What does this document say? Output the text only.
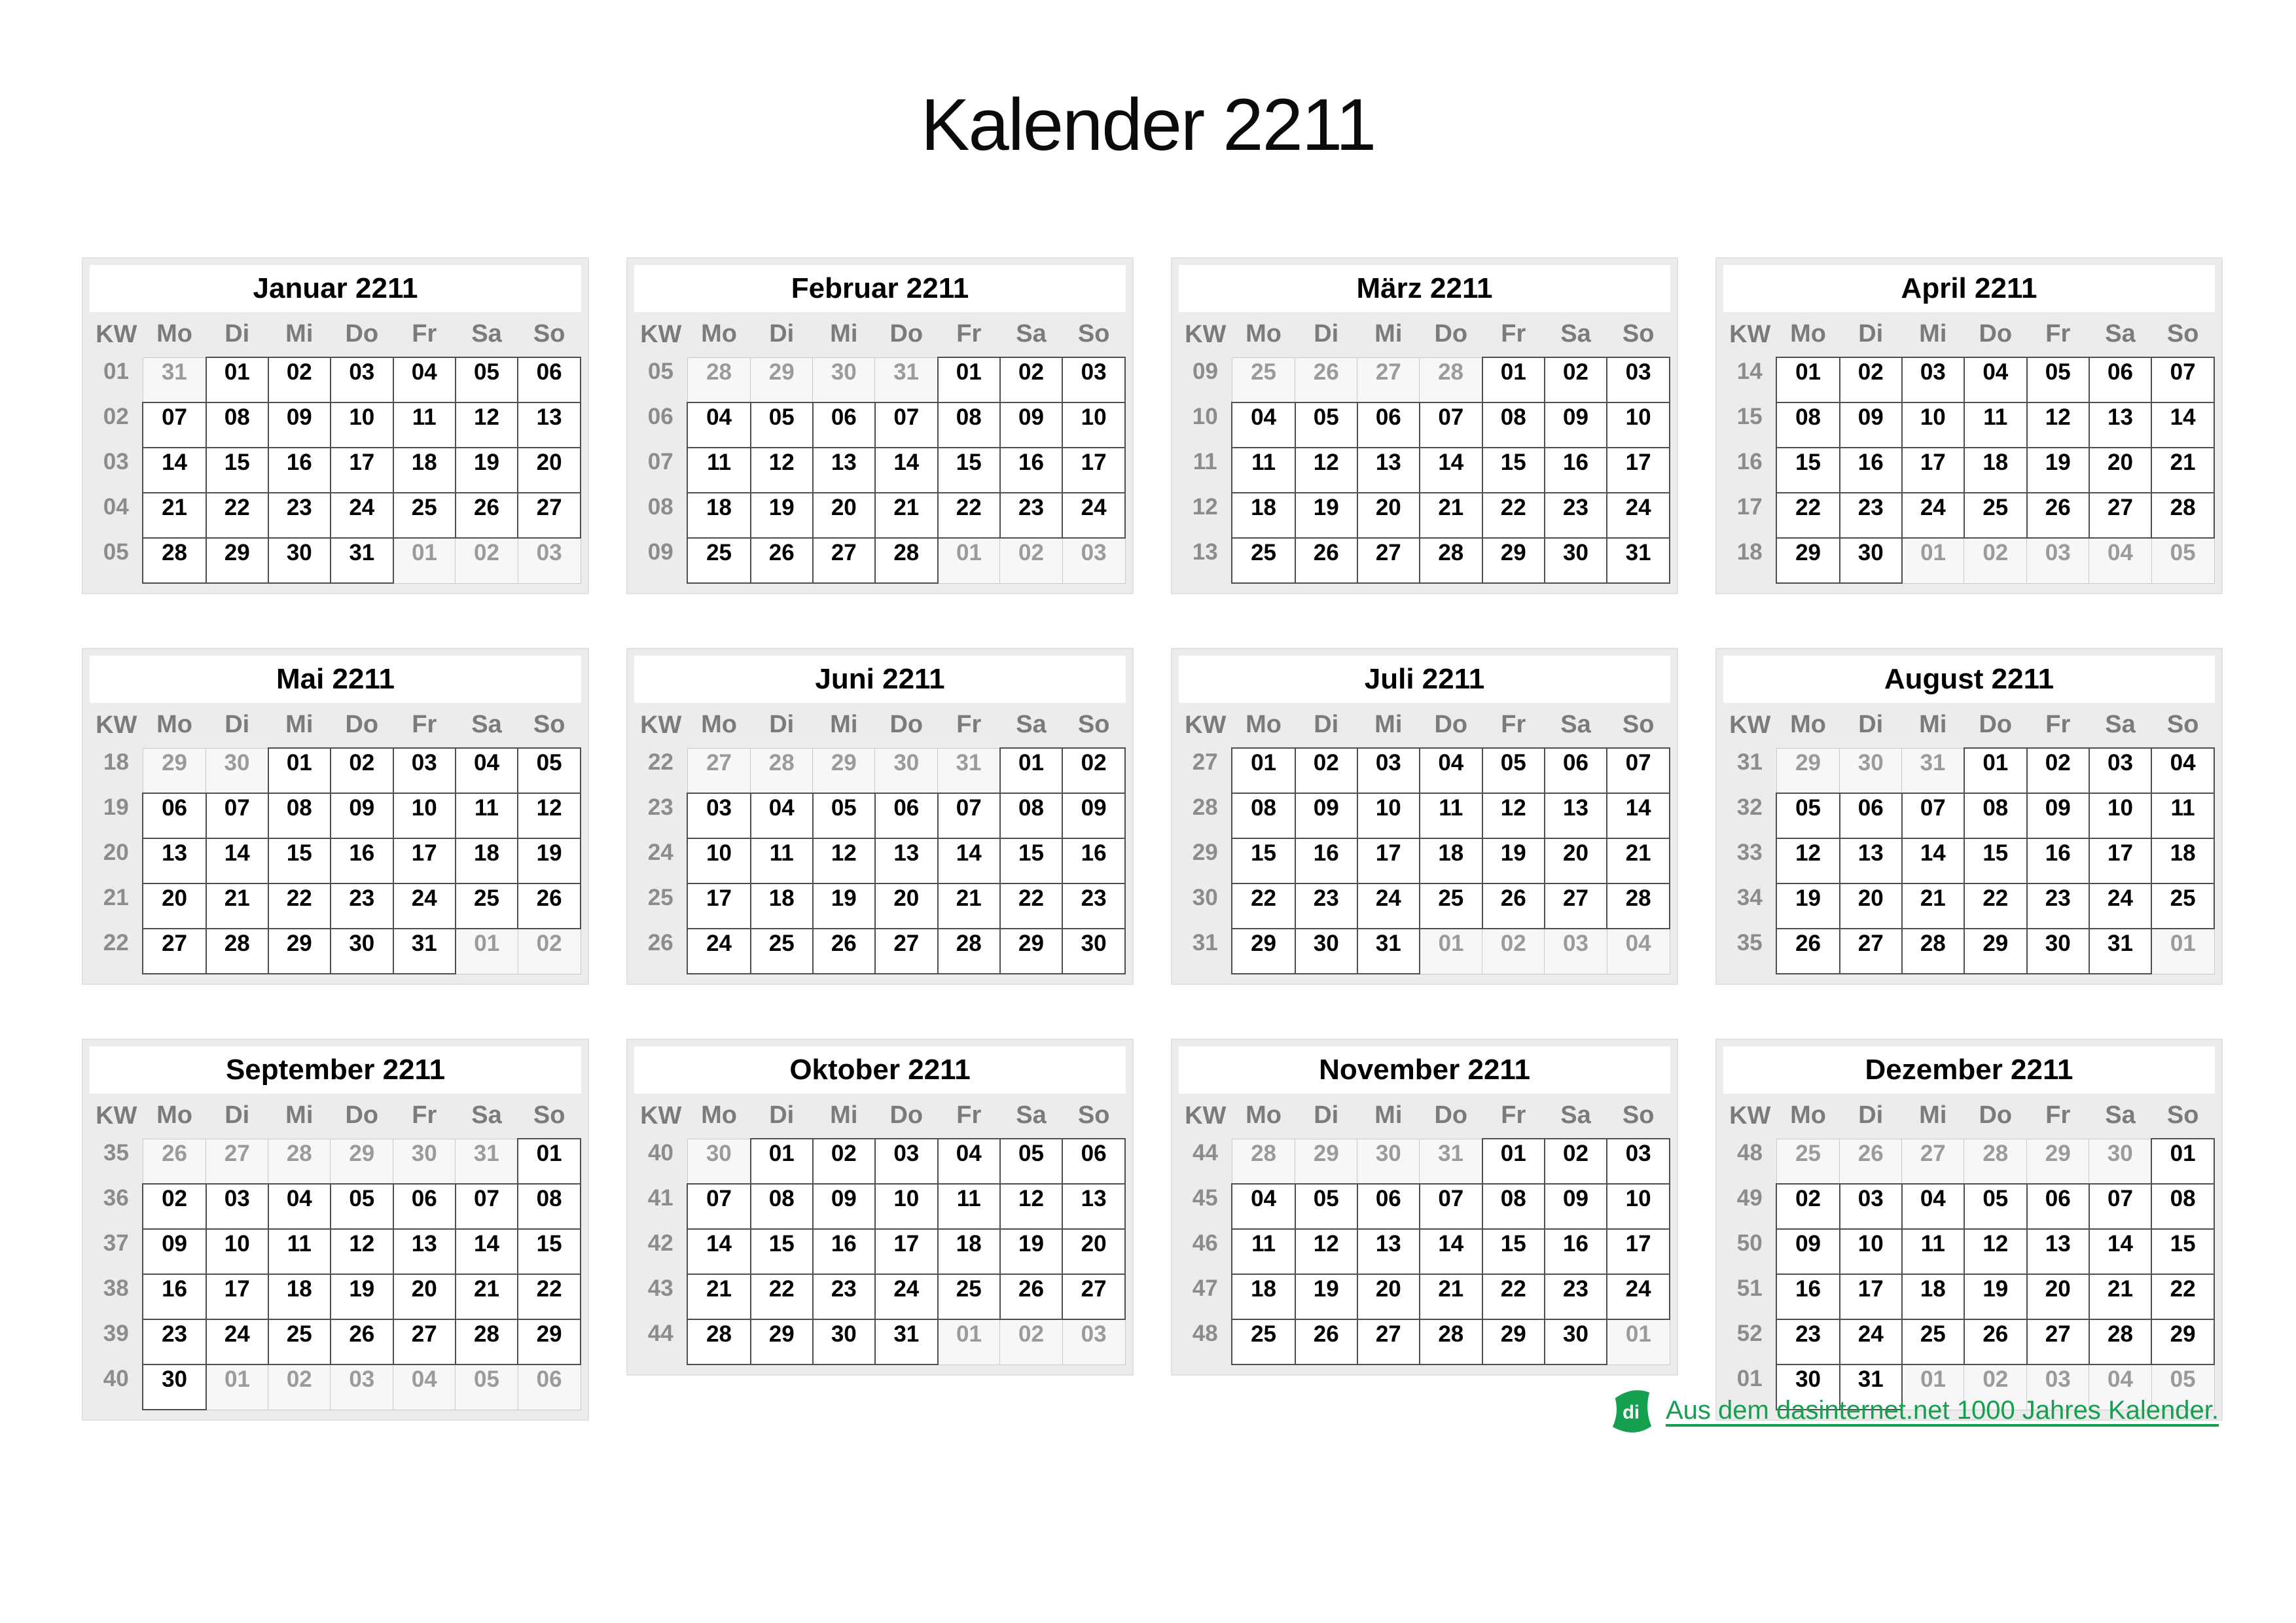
Kalender 2211
Januar 2211
KW	Mo	Di	Mi	Do	Fr	Sa	So
01	31	01	02	03	04	05	06
02	07	08	09	10	11	12	13
03	14	15	16	17	18	19	20
04	21	22	23	24	25	26	27
05	28	29	30	31	01	02	03
Februar 2211
KW	Mo	Di	Mi	Do	Fr	Sa	So
05	28	29	30	31	01	02	03
06	04	05	06	07	08	09	10
07	11	12	13	14	15	16	17
08	18	19	20	21	22	23	24
09	25	26	27	28	01	02	03
März 2211
KW	Mo	Di	Mi	Do	Fr	Sa	So
09	25	26	27	28	01	02	03
10	04	05	06	07	08	09	10
11	11	12	13	14	15	16	17
12	18	19	20	21	22	23	24
13	25	26	27	28	29	30	31
April 2211
KW	Mo	Di	Mi	Do	Fr	Sa	So
14	01	02	03	04	05	06	07
15	08	09	10	11	12	13	14
16	15	16	17	18	19	20	21
17	22	23	24	25	26	27	28
18	29	30	01	02	03	04	05
Mai 2211
KW	Mo	Di	Mi	Do	Fr	Sa	So
18	29	30	01	02	03	04	05
19	06	07	08	09	10	11	12
20	13	14	15	16	17	18	19
21	20	21	22	23	24	25	26
22	27	28	29	30	31	01	02
Juni 2211
KW	Mo	Di	Mi	Do	Fr	Sa	So
22	27	28	29	30	31	01	02
23	03	04	05	06	07	08	09
24	10	11	12	13	14	15	16
25	17	18	19	20	21	22	23
26	24	25	26	27	28	29	30
Juli 2211
KW	Mo	Di	Mi	Do	Fr	Sa	So
27	01	02	03	04	05	06	07
28	08	09	10	11	12	13	14
29	15	16	17	18	19	20	21
30	22	23	24	25	26	27	28
31	29	30	31	01	02	03	04
August 2211
KW	Mo	Di	Mi	Do	Fr	Sa	So
31	29	30	31	01	02	03	04
32	05	06	07	08	09	10	11
33	12	13	14	15	16	17	18
34	19	20	21	22	23	24	25
35	26	27	28	29	30	31	01
September 2211
KW	Mo	Di	Mi	Do	Fr	Sa	So
35	26	27	28	29	30	31	01
36	02	03	04	05	06	07	08
37	09	10	11	12	13	14	15
38	16	17	18	19	20	21	22
39	23	24	25	26	27	28	29
40	30	01	02	03	04	05	06
Oktober 2211
KW	Mo	Di	Mi	Do	Fr	Sa	So
40	30	01	02	03	04	05	06
41	07	08	09	10	11	12	13
42	14	15	16	17	18	19	20
43	21	22	23	24	25	26	27
44	28	29	30	31	01	02	03
November 2211
KW	Mo	Di	Mi	Do	Fr	Sa	So
44	28	29	30	31	01	02	03
45	04	05	06	07	08	09	10
46	11	12	13	14	15	16	17
47	18	19	20	21	22	23	24
48	25	26	27	28	29	30	01
Dezember 2211
KW	Mo	Di	Mi	Do	Fr	Sa	So
48	25	26	27	28	29	30	01
49	02	03	04	05	06	07	08
50	09	10	11	12	13	14	15
51	16	17	18	19	20	21	22
52	23	24	25	26	27	28	29
01	30	31	01	02	03	04	05
di Aus dem dasinternet.net 1000 Jahres Kalender.
